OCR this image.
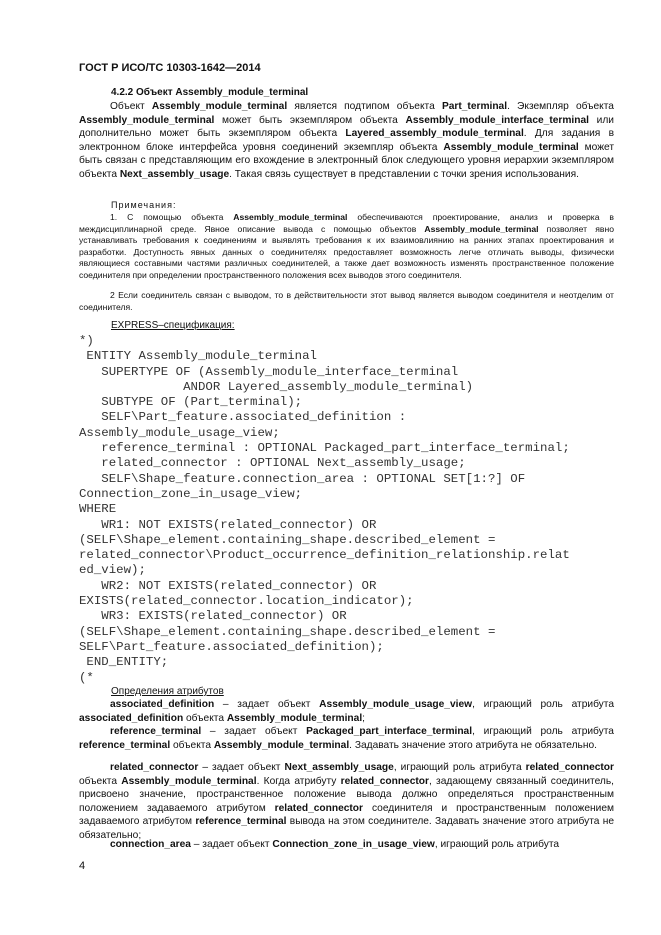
ГОСТ Р ИСО/ТС 10303-1642—2014
4.2.2 Объект Assembly_module_terminal
Объект Assembly_module_terminal является подтипом объекта Part_terminal. Экземпляр объекта Assembly_module_terminal может быть экземпляром объекта Assembly_module_interface_terminal или дополнительно может быть экземпляром объекта Layered_assembly_module_terminal. Для задания в электронном блоке интерфейса уровня соединений экземпляр объекта Assembly_module_terminal может быть связан с представляющим его вхождение в электронный блок следующего уровня иерархии экземпляром объекта Next_assembly_usage. Такая связь существует в представлении с точки зрения использования.
Примечания:
1. С помощью объекта Assembly_module_terminal обеспечиваются проектирование, анализ и проверка в междисциплинарной среде. Явное описание вывода с помощью объектов Assembly_module_terminal позволяет явно устанавливать требования к соединениям и выявлять требования к их взаимовлиянию на ранних этапах проектирования и разработки. Доступность явных данных о соединителях предоставляет возможность легче отличать выводы, физически являющиеся составными частями различных соединителей, а также дает возможность изменять пространственное положение соединителя при определении пространственного положения всех выводов этого соединителя.
2 Если соединитель связан с выводом, то в действительности этот вывод является выводом соединителя и неотделим от соединителя.
EXPRESS–спецификация:
*)
ENTITY Assembly_module_terminal
SUPERTYPE OF (Assembly_module_interface_terminal
ANDOR Layered_assembly_module_terminal)
SUBTYPE OF (Part_terminal);
SELF\Part_feature.associated_definition :
Assembly_module_usage_view;
reference_terminal : OPTIONAL Packaged_part_interface_terminal;
related_connector : OPTIONAL Next_assembly_usage;
SELF\Shape_feature.connection_area : OPTIONAL SET[1:?] OF
Connection_zone_in_usage_view;
WHERE
WR1: NOT EXISTS(related_connector) OR
(SELF\Shape_element.containing_shape.described_element =
related_connector\Product_occurrence_definition_relationship.relat
ed_view);
WR2: NOT EXISTS(related_connector) OR
EXISTS(related_connector.location_indicator);
WR3: EXISTS(related_connector) OR
(SELF\Shape_element.containing_shape.described_element =
SELF\Part_feature.associated_definition);
END_ENTITY;
(*
Определения атрибутов
associated_definition – задает объект Assembly_module_usage_view, играющий роль атрибута associated_definition объекта Assembly_module_terminal;
reference_terminal – задает объект Packaged_part_interface_terminal, играющий роль атрибута reference_terminal объекта Assembly_module_terminal. Задавать значение этого атрибута не обязательно.
related_connector – задает объект Next_assembly_usage, играющий роль атрибута related_connector объекта Assembly_module_terminal. Когда атрибуту related_connector, задающему связанный соединитель, присвоено значение, пространственное положение вывода должно определяться пространственным положением задаваемого атрибутом related_connector соединителя и пространственным положением задаваемого атрибутом reference_terminal вывода на этом соединителе. Задавать значение этого атрибута не обязательно;
connection_area – задает объект Connection_zone_in_usage_view, играющий роль атрибута
4
